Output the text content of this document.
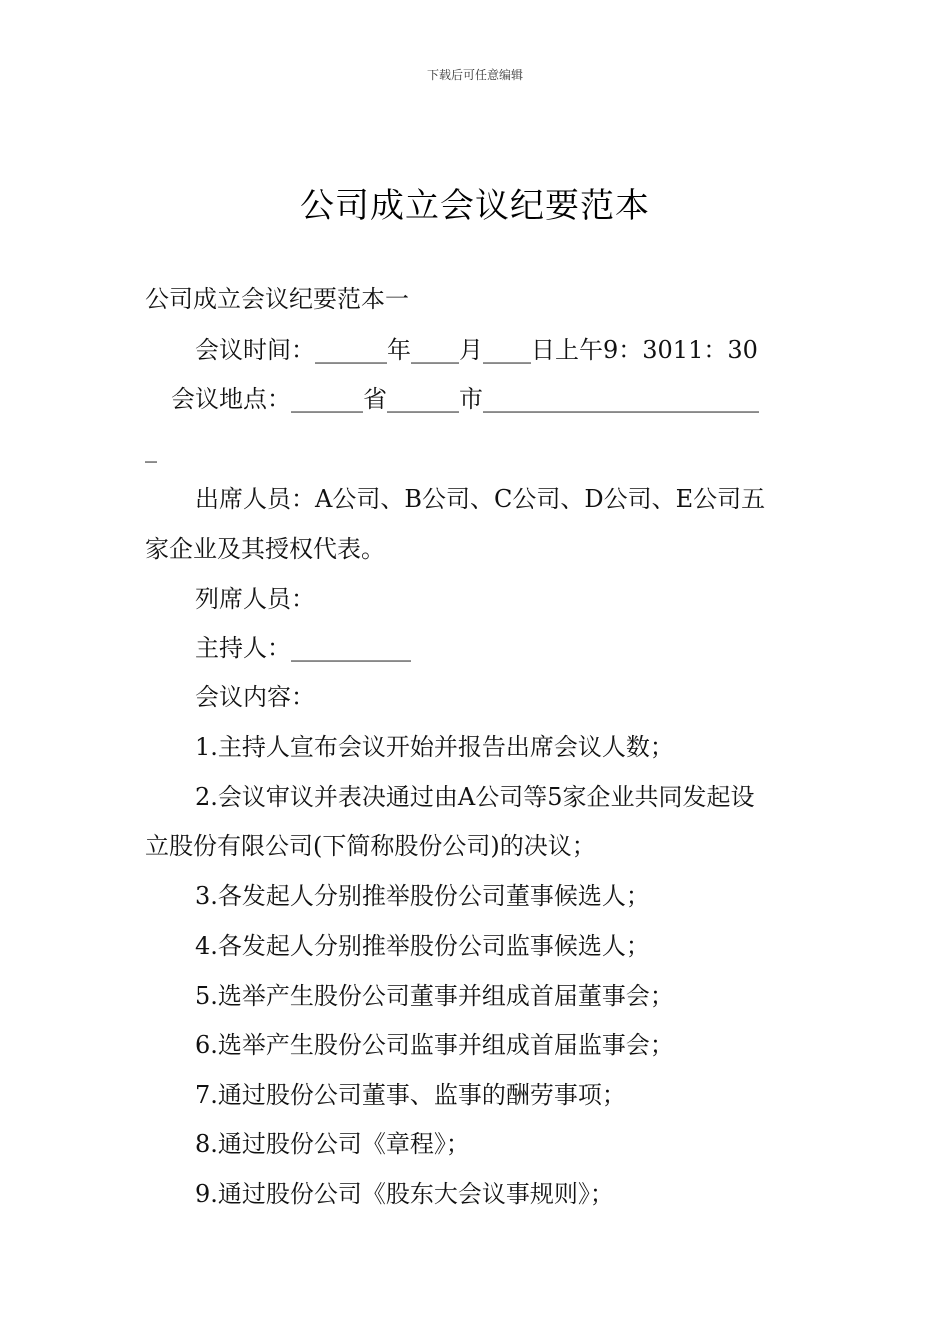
下载后可任意编辑
公司成立会议纪要范本
公司成立会议纪要范本一
会议时间：______年____月____日上午9：3011：30
会议地点：______省______市_______________________
_
出席人员：A公司、B公司、C公司、D公司、E公司五
家企业及其授权代表。
列席人员：
主持人：__________
会议内容：
1.主持人宣布会议开始并报告出席会议人数；
2.会议审议并表决通过由A公司等5家企业共同发起设
立股份有限公司(下简称股份公司)的决议；
3.各发起人分别推举股份公司董事候选人；
4.各发起人分别推举股份公司监事候选人；
5.选举产生股份公司董事并组成首届董事会；
6.选举产生股份公司监事并组成首届监事会；
7.通过股份公司董事、监事的酬劳事项；
8.通过股份公司《章程》；
9.通过股份公司《股东大会议事规则》；
